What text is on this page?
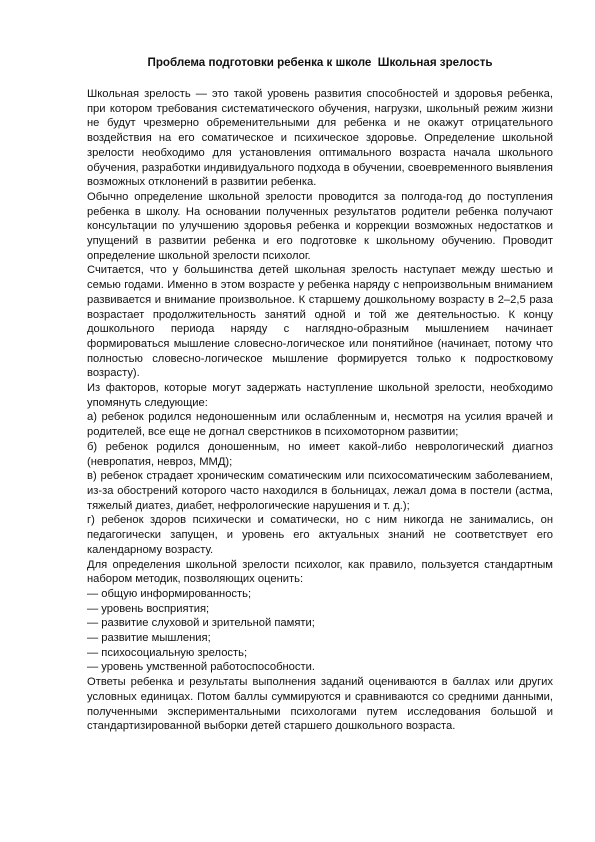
Проблема подготовки ребенка к школе  Школьная зрелость

Школьная зрелость — это такой уровень развития способностей и здоровья ребенка, при котором требования систематического обучения, нагрузки, школьный режим жизни не будут чрезмерно обременительными для ребенка и не окажут отрицательного воздействия на его соматическое и психическое здоровье. Определение школьной зрелости необходимо для установления оптимального возраста начала школьного обучения, разработки индивидуального подхода в обучении, своевременного выявления возможных отклонений в развитии ребенка.

Обычно определение школьной зрелости проводится за полгода-год до поступления ребенка в школу. На основании полученных результатов родители ребенка получают консультации по улучшению здоровья ребенка и коррекции возможных недостатков и упущений в развитии ребенка и его подготовке к школьному обучению. Проводит определение школьной зрелости психолог.

Считается, что у большинства детей школьная зрелость наступает между шестью и семью годами. Именно в этом возрасте у ребенка наряду с непроизвольным вниманием развивается и внимание произвольное. К старшему дошкольному возрасту в 2–2,5 раза возрастает продолжительность занятий одной и той же деятельностью. К концу дошкольного периода наряду с наглядно-образным мышлением начинает формироваться мышление словесно-логическое или понятийное (начинает, потому что полностью словесно-логическое мышление формируется только к подростковому возрасту).

Из факторов, которые могут задержать наступление школьной зрелости, необходимо упомянуть следующие:

а) ребенок родился недоношенным или ослабленным и, несмотря на усилия врачей и родителей, все еще не догнал сверстников в психомоторном развитии;

б) ребенок родился доношенным, но имеет какой-либо неврологический диагноз (невропатия, невроз, ММД);

в) ребенок страдает хроническим соматическим или психосоматическим заболеванием, из-за обострений которого часто находился в больницах, лежал дома в постели (астма, тяжелый диатез, диабет, нефрологические нарушения и т. д.);

г) ребенок здоров психически и соматически, но с ним никогда не занимались, он педагогически запущен, и уровень его актуальных знаний не соответствует его календарному возрасту.

Для определения школьной зрелости психолог, как правило, пользуется стандартным набором методик, позволяющих оценить:

— общую информированность;

— уровень восприятия;

— развитие слуховой и зрительной памяти;

— развитие мышления;

— психосоциальную зрелость;

— уровень умственной работоспособности.

Ответы ребенка и результаты выполнения заданий оцениваются в баллах или других условных единицах. Потом баллы суммируются и сравниваются со средними данными, полученными экспериментальными психологами путем исследования большой и стандартизированной выборки детей старшего дошкольного возраста.
